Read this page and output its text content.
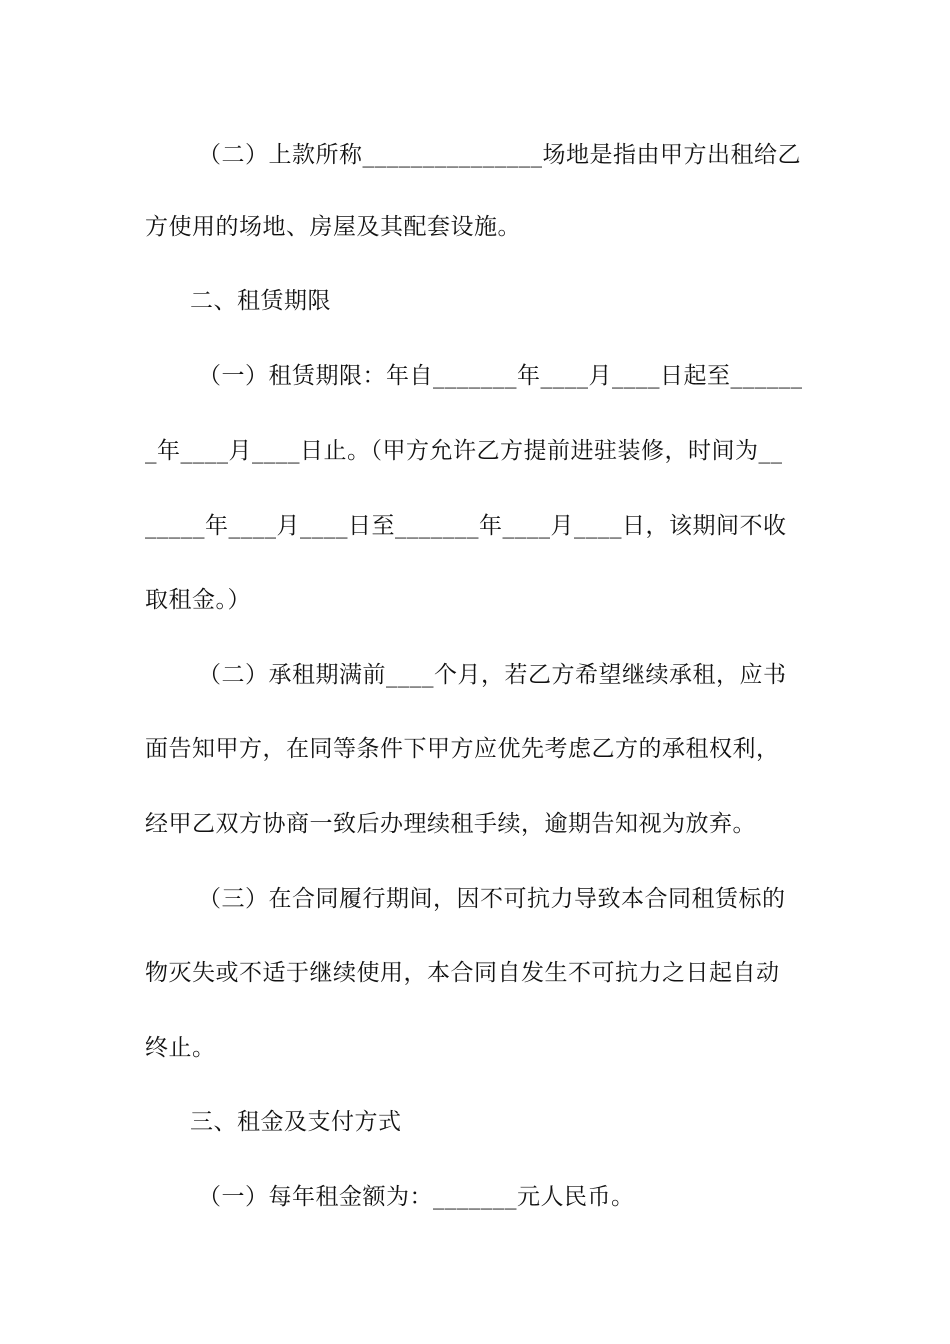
（二）上款所称_______________场地是指由甲方出租给乙
方使用的场地、房屋及其配套设施。
二、租赁期限
（一）租赁期限：年自_______年____月____日起至______
_年____月____日止。（甲方允许乙方提前进驻装修，时间为__
_____年____月____日至_______年____月____日，该期间不收
取租金。）
（二）承租期满前____个月，若乙方希望继续承租，应书
面告知甲方，在同等条件下甲方应优先考虑乙方的承租权利，
经甲乙双方协商一致后办理续租手续，逾期告知视为放弃。
（三）在合同履行期间，因不可抗力导致本合同租赁标的
物灭失或不适于继续使用，本合同自发生不可抗力之日起自动
终止。
三、租金及支付方式
（一）每年租金额为：_______元人民币。
